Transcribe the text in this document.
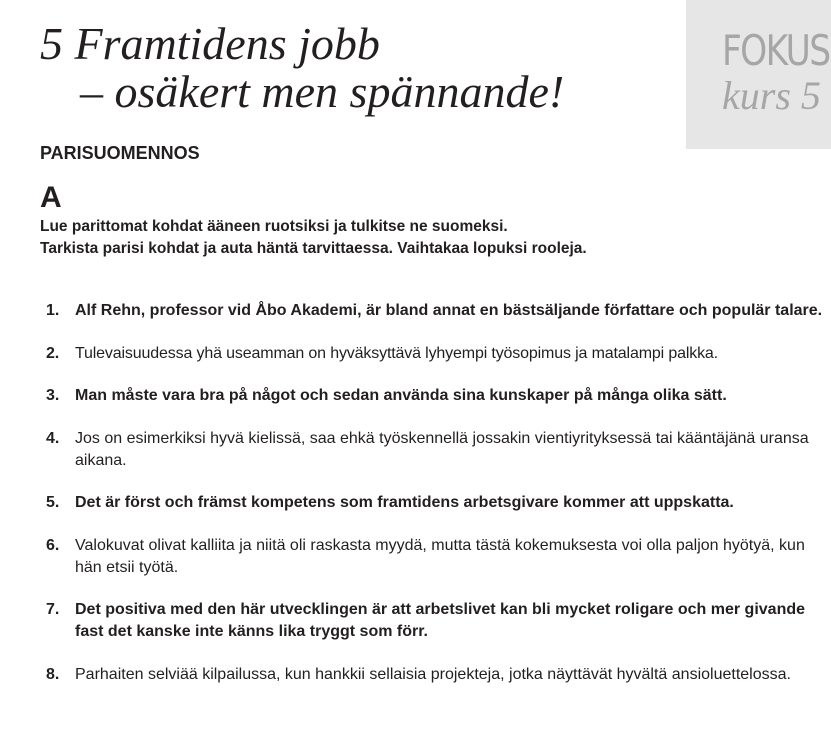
FOKUS
kurs 5
5 Framtidens jobb
– osäkert men spännande!
PARISUOMENNOS
A
Lue parittomat kohdat ääneen ruotsiksi ja tulkitse ne suomeksi.
Tarkista parisi kohdat ja auta häntä tarvittaessa. Vaihtakaa lopuksi rooleja.
1. Alf Rehn, professor vid Åbo Akademi, är bland annat en bästsäljande författare och populär talare.
2. Tulevaisuudessa yhä useamman on hyväksyttävä lyhyempi työsopimus ja matalampi palkka.
3. Man måste vara bra på något och sedan använda sina kunskaper på många olika sätt.
4. Jos on esimerkiksi hyvä kielissä, saa ehkä työskennellä jossakin vientiyrityksessä tai kääntäjänä uransa aikana.
5. Det är först och främst kompetens som framtidens arbetsgivare kommer att uppskatta.
6. Valokuvat olivat kalliita ja niitä oli raskasta myydä, mutta tästä kokemuksesta voi olla paljon hyötyä, kun hän etsii työtä.
7. Det positiva med den här utvecklingen är att arbetslivet kan bli mycket roligare och mer givande fast det kanske inte känns lika tryggt som förr.
8. Parhaiten selviää kilpailussa, kun hankkii sellaisia projekteja, jotka näyttävät hyvältä ansioluettelossa.
